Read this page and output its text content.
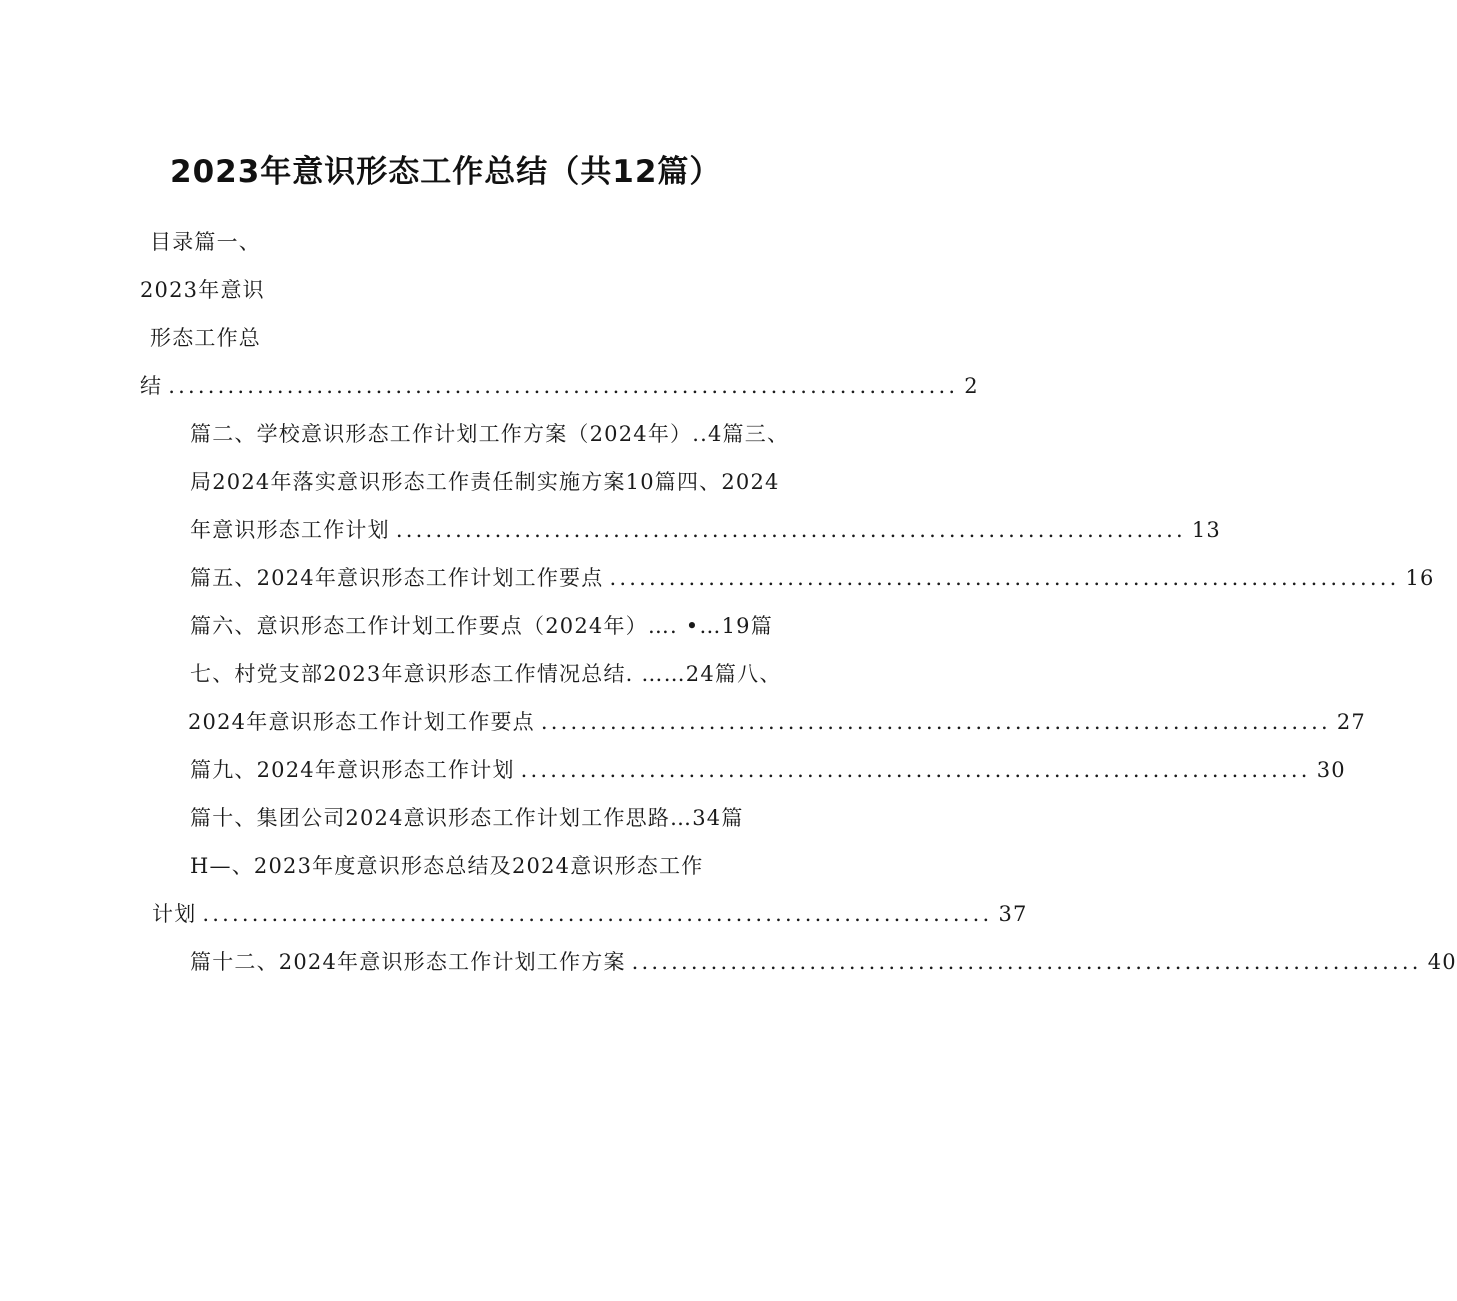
2023年意识形态工作总结（共12篇）
目录篇一、
2023年意识
形态工作总
结 ................................................................................ 2
篇二、学校意识形态工作计划工作方案（2024年）..4篇三、
局2024年落实意识形态工作责任制实施方案10篇四、2024
年意识形态工作计划 ................................................................................ 13
篇五、2024年意识形态工作计划工作要点 ................................................................................ 16
篇六、意识形态工作计划工作要点（2024年）…. •…19篇
七、村党支部2023年意识形态工作情况总结. ……24篇八、
2024年意识形态工作计划工作要点 ................................................................................ 27
篇九、2024年意识形态工作计划 ................................................................................ 30
篇十、集团公司2024意识形态工作计划工作思路…34篇
H—、2023年度意识形态总结及2024意识形态工作
计划 ................................................................................ 37
篇十二、2024年意识形态工作计划工作方案 ................................................................................ 40
